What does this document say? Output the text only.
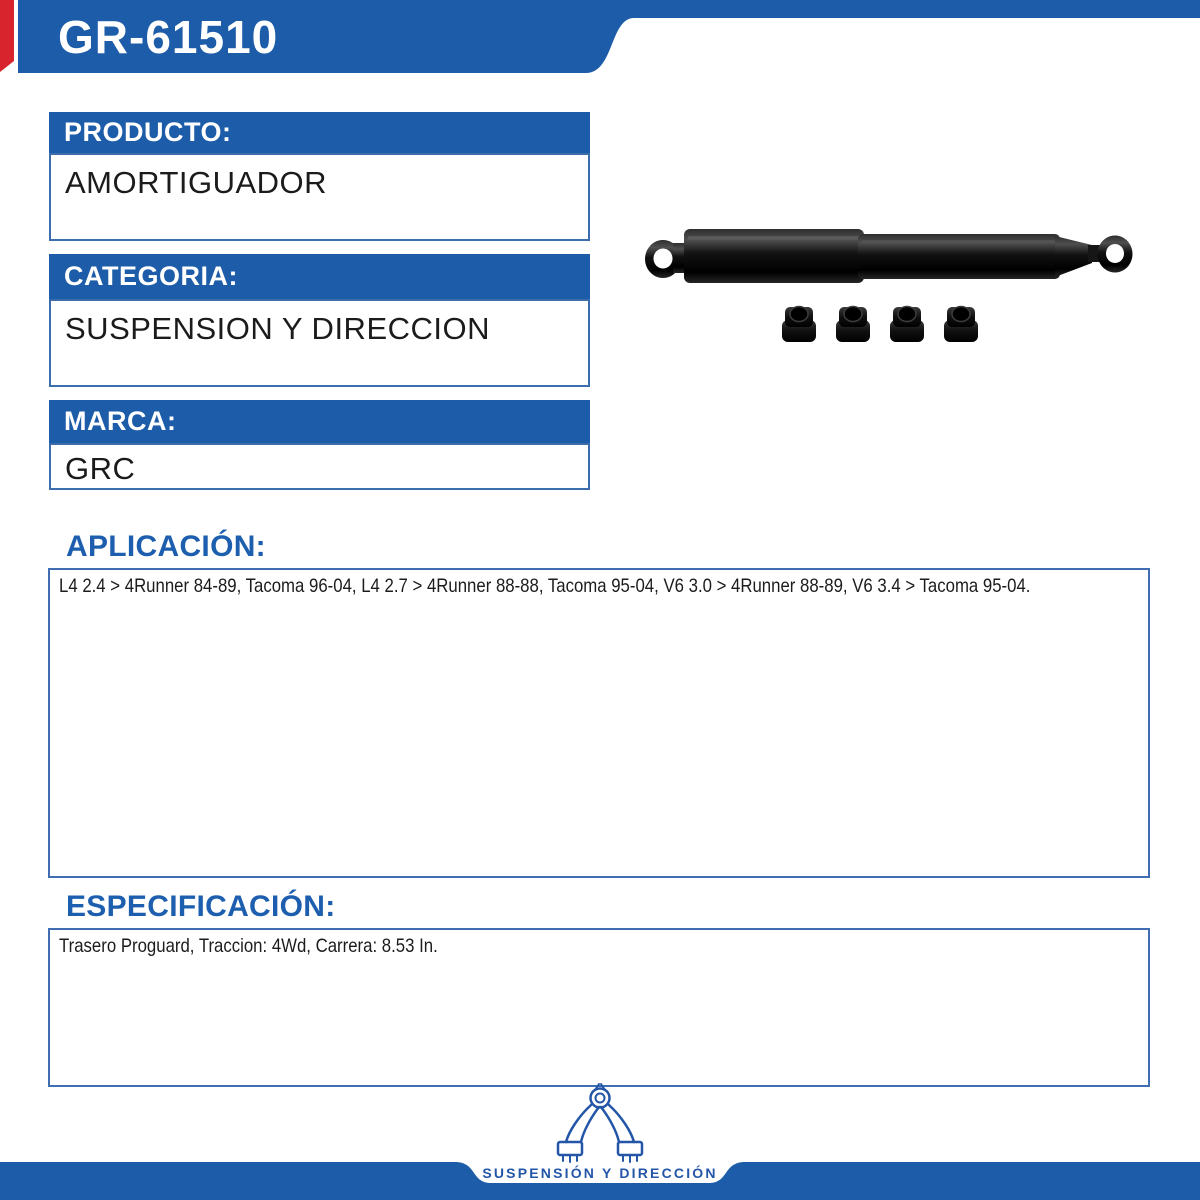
GR-61510
PRODUCTO:
AMORTIGUADOR
CATEGORIA:
SUSPENSION Y DIRECCION
MARCA:
GRC
APLICACIÓN:
L4 2.4 > 4Runner 84-89, Tacoma 96-04, L4 2.7 > 4Runner 88-88, Tacoma 95-04, V6 3.0 > 4Runner 88-89, V6 3.4 > Tacoma 95-04.
ESPECIFICACIÓN:
Trasero Proguard, Traccion: 4Wd, Carrera: 8.53 In.
SUSPENSIÓN Y DIRECCIÓN
